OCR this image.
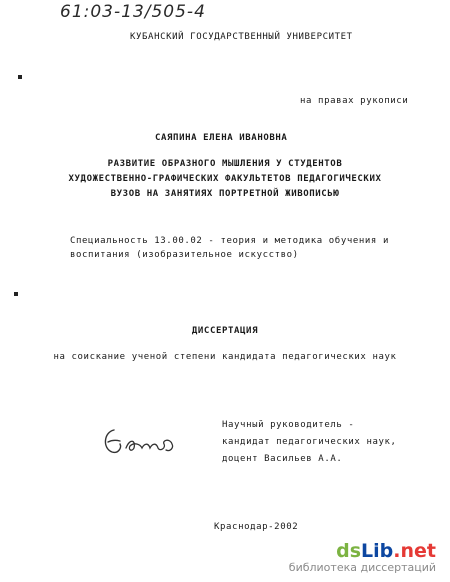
61:03-13/505-4
КУБАНСКИЙ ГОСУДАРСТВЕННЫЙ УНИВЕРСИТЕТ
на правах рукописи
САЯПИНА ЕЛЕНА ИВАНОВНА
РАЗВИТИЕ ОБРАЗНОГО МЫШЛЕНИЯ У СТУДЕНТОВ
ХУДОЖЕСТВЕННО-ГРАФИЧЕСКИХ ФАКУЛЬТЕТОВ ПЕДАГОГИЧЕСКИХ
ВУЗОВ НА ЗАНЯТИЯХ ПОРТРЕТНОЙ ЖИВОПИСЬЮ
Специальность 13.00.02 - теория и методика обучения и
воспитания (изобразительное искусство)
ДИССЕРТАЦИЯ
на соискание ученой степени кандидата педагогических наук
Научный руководитель -
кандидат педагогических наук,
доцент Васильев А.А.
Краснодар-2002
dsLib.net
библиотека диссертаций
